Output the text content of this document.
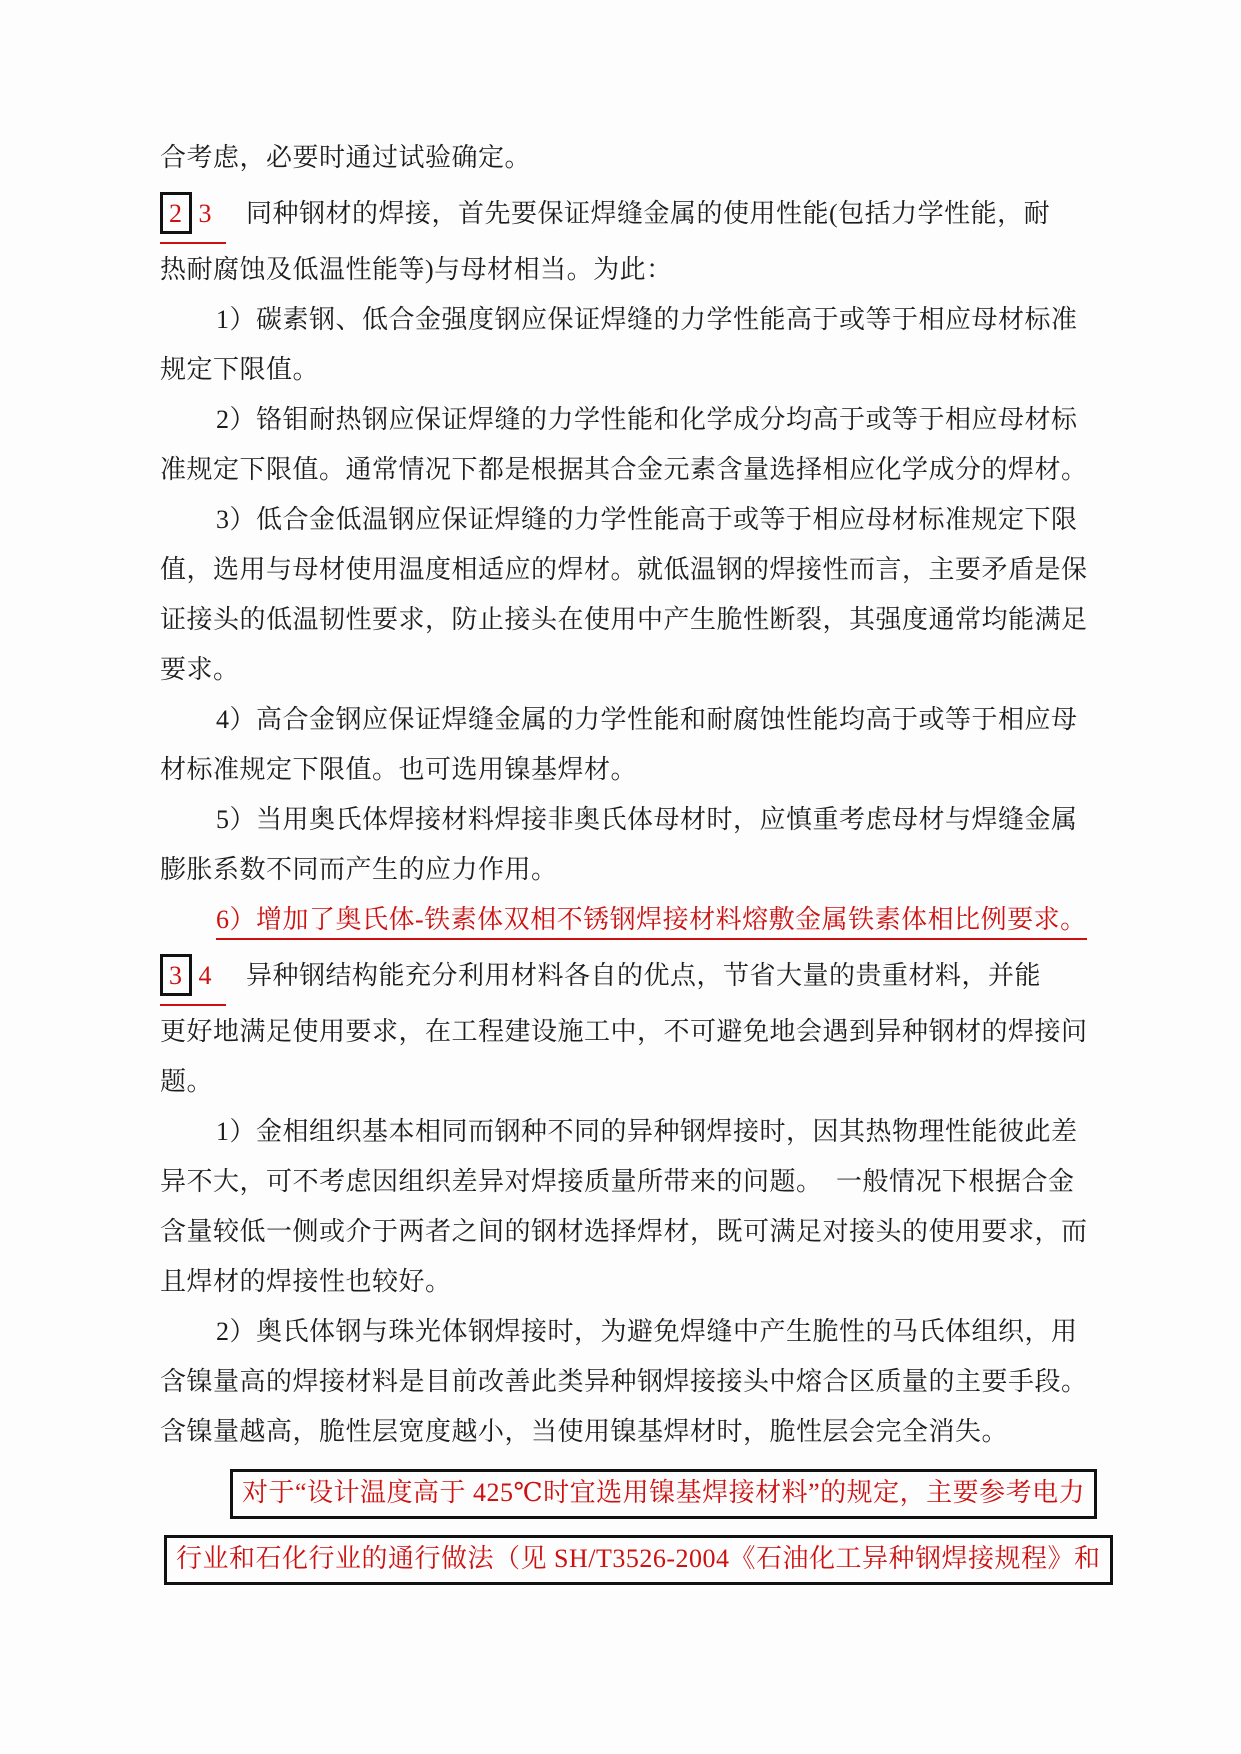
合考虑，必要时通过试验确定。
2 3 同种钢材的焊接，首先要保证焊缝金属的使用性能(包括力学性能，耐
热耐腐蚀及低温性能等)与母材相当。为此：
1）碳素钢、低合金强度钢应保证焊缝的力学性能高于或等于相应母材标准
规定下限值。
2）铬钼耐热钢应保证焊缝的力学性能和化学成分均高于或等于相应母材标
准规定下限值。通常情况下都是根据其合金元素含量选择相应化学成分的焊材。
3）低合金低温钢应保证焊缝的力学性能高于或等于相应母材标准规定下限
值，选用与母材使用温度相适应的焊材。就低温钢的焊接性而言，主要矛盾是保
证接头的低温韧性要求，防止接头在使用中产生脆性断裂，其强度通常均能满足
要求。
4）高合金钢应保证焊缝金属的力学性能和耐腐蚀性能均高于或等于相应母
材标准规定下限值。也可选用镍基焊材。
5）当用奥氏体焊接材料焊接非奥氏体母材时，应慎重考虑母材与焊缝金属
膨胀系数不同而产生的应力作用。
6）增加了奥氏体-铁素体双相不锈钢焊接材料熔敷金属铁素体相比例要求。
3 4 异种钢结构能充分利用材料各自的优点，节省大量的贵重材料，并能
更好地满足使用要求，在工程建设施工中，不可避免地会遇到异种钢材的焊接问
题。
1）金相组织基本相同而钢种不同的异种钢焊接时，因其热物理性能彼此差
异不大，可不考虑因组织差异对焊接质量所带来的问题。　一般情况下根据合金
含量较低一侧或介于两者之间的钢材选择焊材，既可满足对接头的使用要求，而
且焊材的焊接性也较好。
2）奥氏体钢与珠光体钢焊接时，为避免焊缝中产生脆性的马氏体组织，用
含镍量高的焊接材料是目前改善此类异种钢焊接接头中熔合区质量的主要手段。
含镍量越高，脆性层宽度越小，当使用镍基焊材时，脆性层会完全消失。
对于“设计温度高于 425℃时宜选用镍基焊接材料”的规定，主要参考电力
行业和石化行业的通行做法（见 SH/T3526-2004《石油化工异种钢焊接规程》和
